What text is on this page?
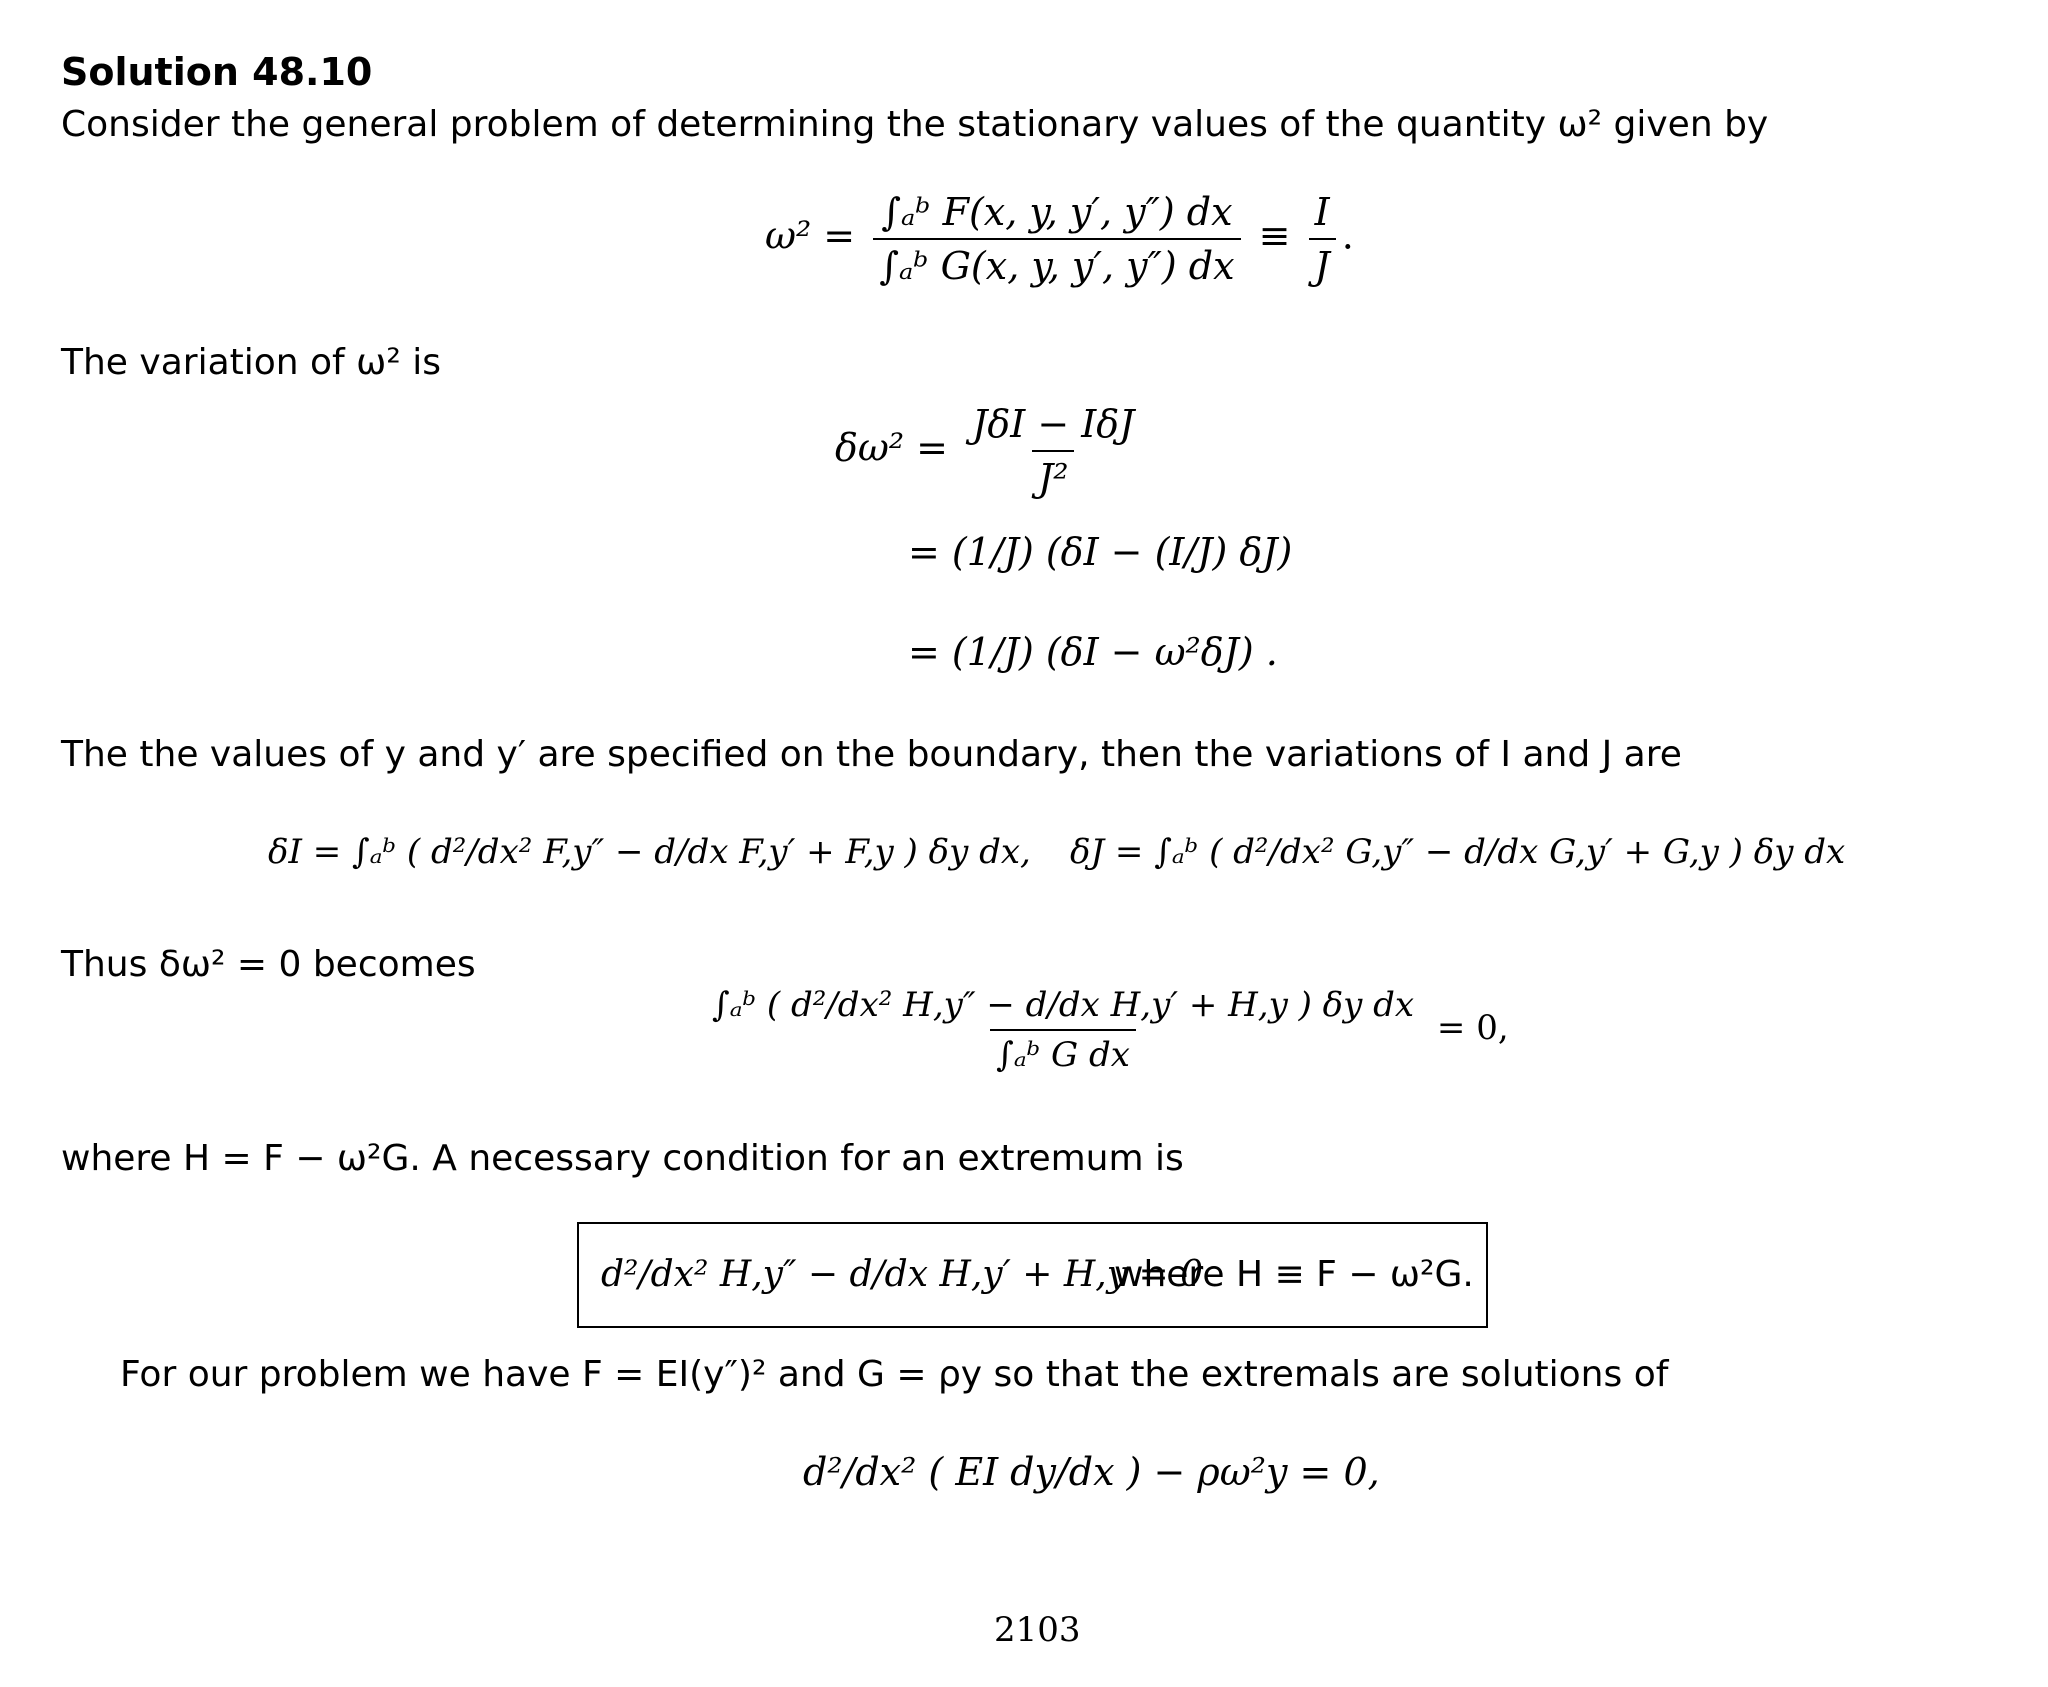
Solution 48.10
Consider the general problem of determining the stationary values of the quantity ω² given by
$\omega^2 = \frac{\text{∫ₐᵇ F(x, y, y′, y″) dx}}{\text{∫ₐᵇ G(x, y, y′, y″) dx}} \equiv \frac{I}{J}$ .
The variation of ω² is
$\delta\omega^2 = \frac{\text{JδI − IδJ}}{\text{J²}}$
= (1/J) (δI − (I/J) δJ)
= (1/J) (δI − ω²δJ) .
The the values of y and y′ are specified on the boundary, then the variations of I and J are
δI = ∫ₐᵇ ( d²/dx² F,y″ − d/dx F,y′ + F,y ) δy dx, δJ = ∫ₐᵇ ( d²/dx² G,y″ − d/dx G,y′ + G,y ) δy dx
Thus δω² = 0 becomes
$\frac{\text{∫ₐᵇ ( d²/dx² H,y″ − d/dx H,y′ + H,y ) δy dx}}{\text{∫ₐᵇ G dx}} = 0$,
where H = F − ω²G. A necessary condition for an extremum is
d²/dx² H,y″ − d/dx H,y′ + H,y = 0
where H ≡ F − ω²G.
For our problem we have F = EI(y″)² and G = ρy so that the extremals are solutions of
d²/dx² ( EI dy/dx ) − ρω²y = 0,
2103
